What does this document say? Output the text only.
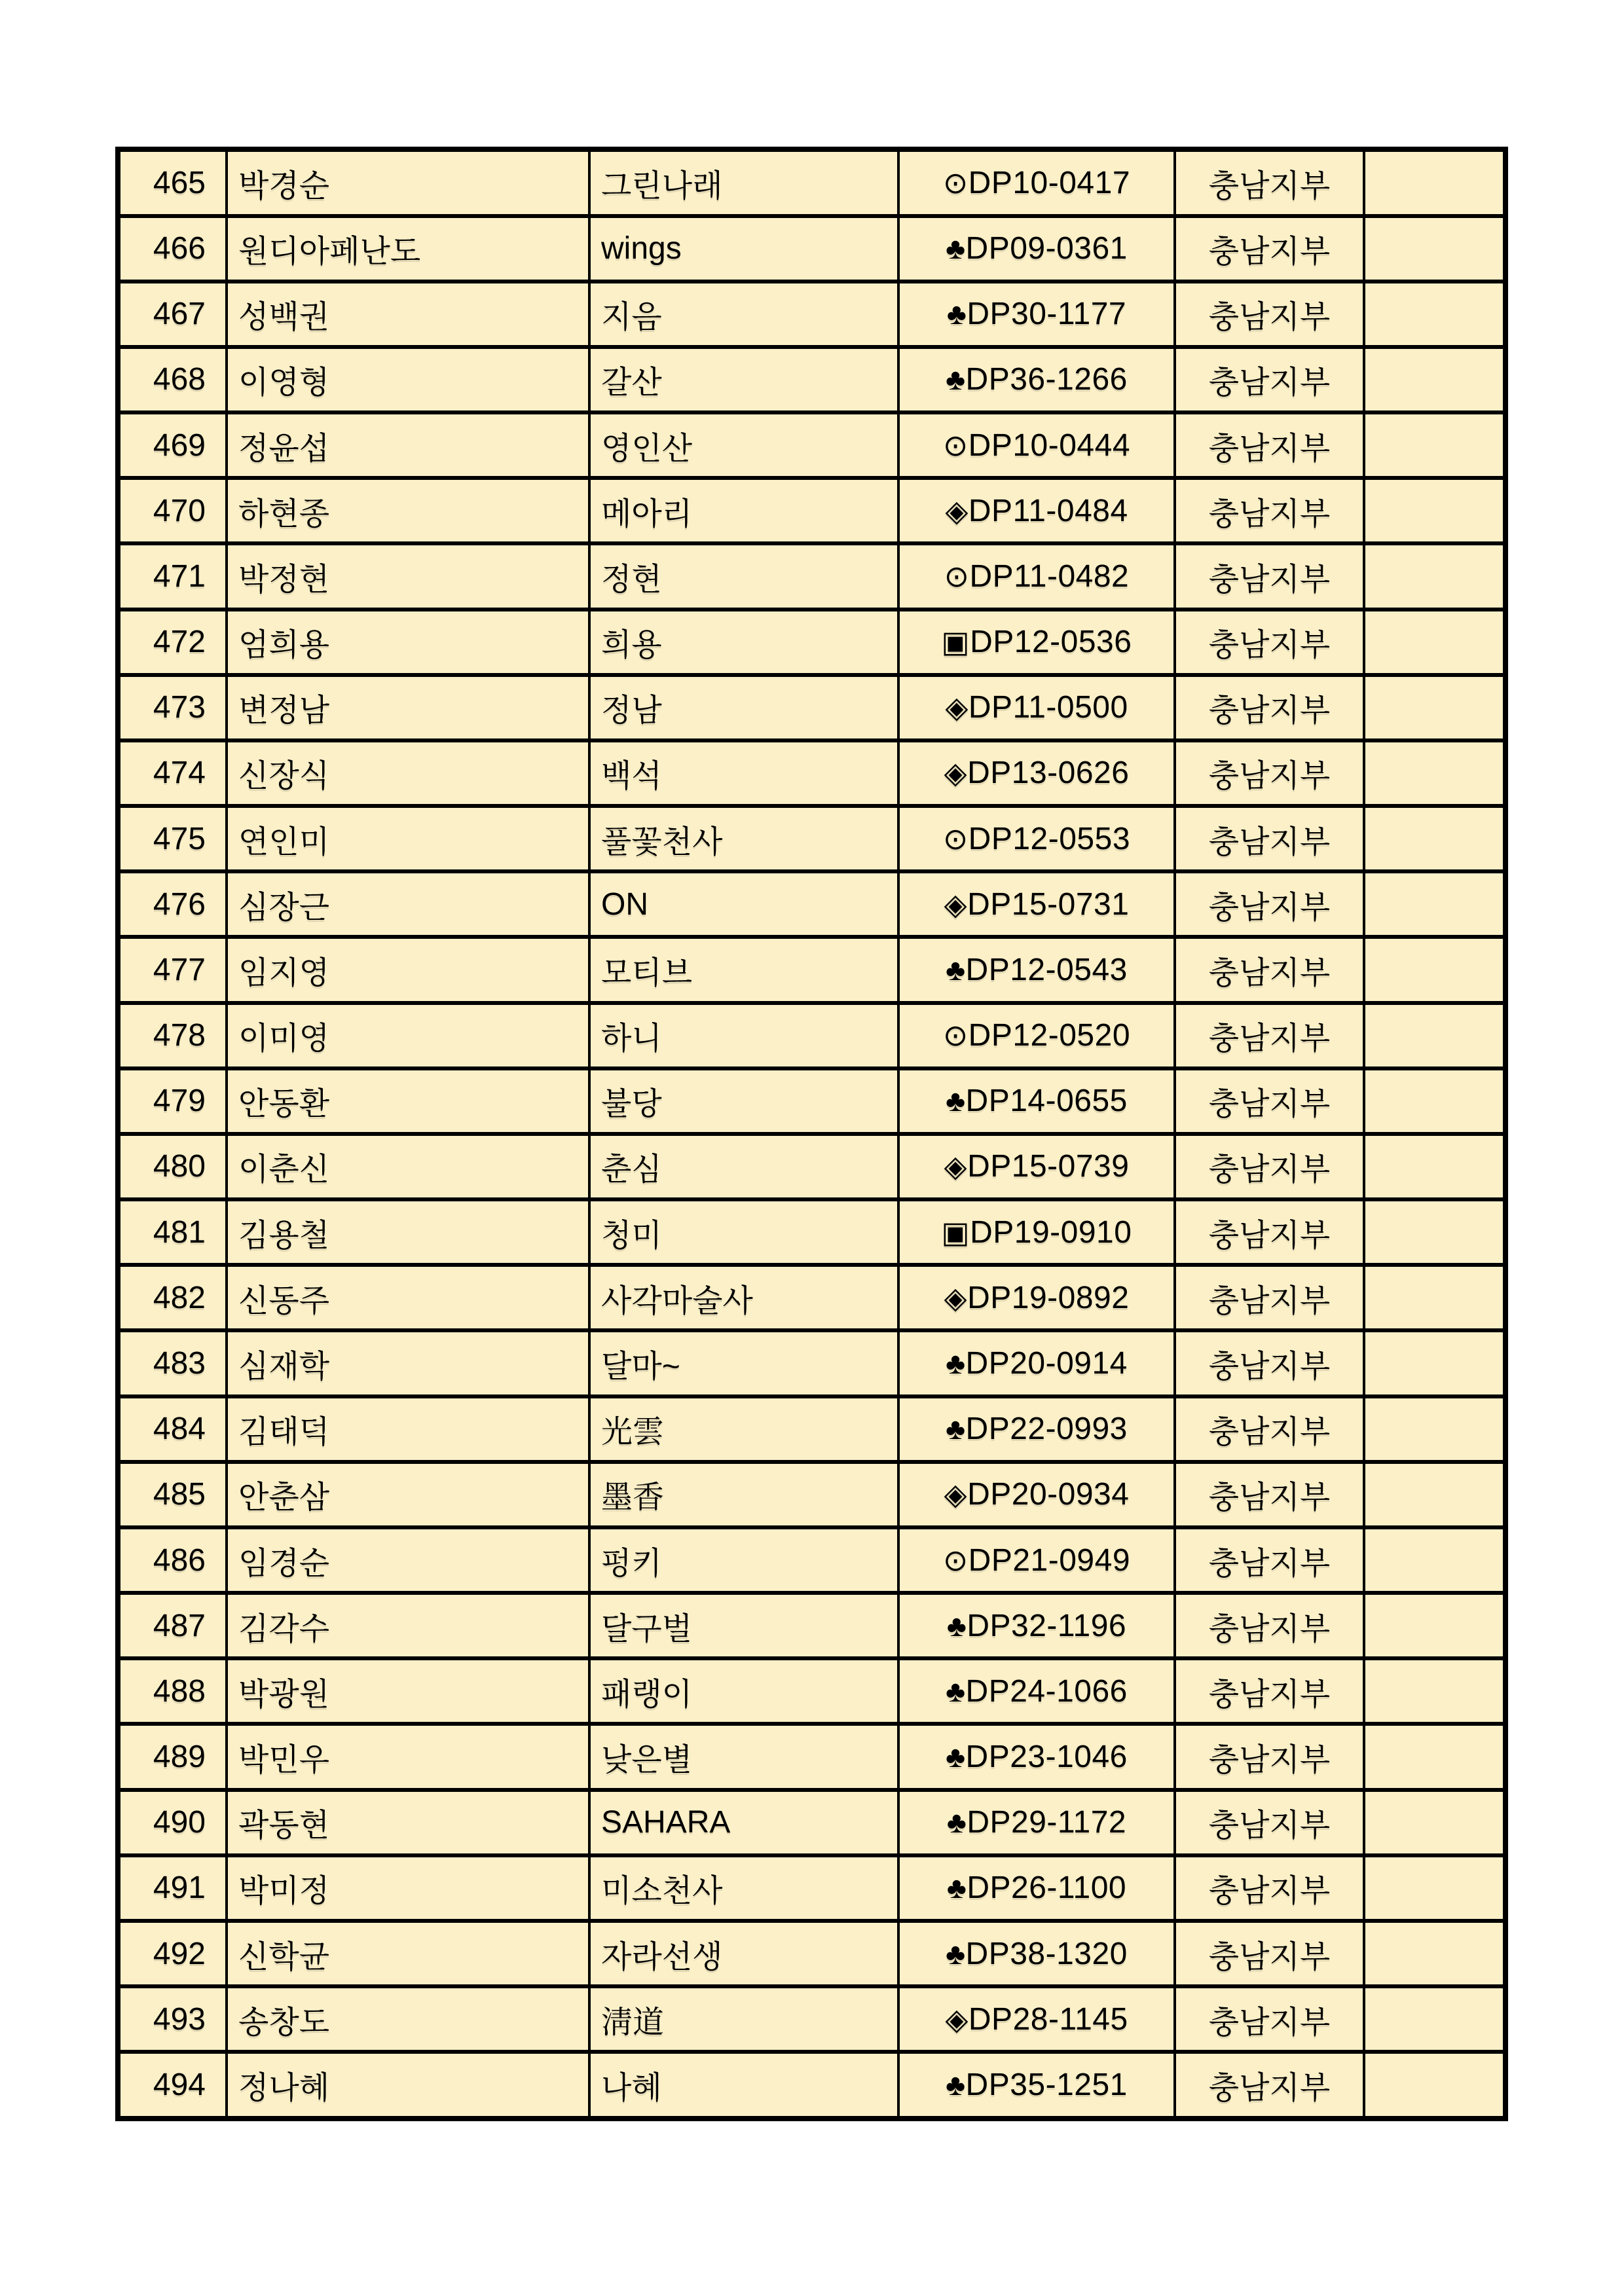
465	박경순	그린나래	⊙DP10-0417	충남지부	
466	원디아페난도	wings	♣DP09-0361	충남지부	
467	성백권	지음	♣DP30-1177	충남지부	
468	이영형	갈산	♣DP36-1266	충남지부	
469	정윤섭	영인산	⊙DP10-0444	충남지부	
470	하현종	메아리	◈DP11-0484	충남지부	
471	박정현	정현	⊙DP11-0482	충남지부	
472	엄희용	희용	▣DP12-0536	충남지부	
473	변정남	정남	◈DP11-0500	충남지부	
474	신장식	백석	◈DP13-0626	충남지부	
475	연인미	풀꽃천사	⊙DP12-0553	충남지부	
476	심장근	ON	◈DP15-0731	충남지부	
477	임지영	모티브	♣DP12-0543	충남지부	
478	이미영	하니	⊙DP12-0520	충남지부	
479	안동환	불당	♣DP14-0655	충남지부	
480	이춘신	춘심	◈DP15-0739	충남지부	
481	김용철	청미	▣DP19-0910	충남지부	
482	신동주	사각마술사	◈DP19-0892	충남지부	
483	심재학	달마~	♣DP20-0914	충남지부	
484	김태덕	光雲	♣DP22-0993	충남지부	
485	안춘삼	墨香	◈DP20-0934	충남지부	
486	임경순	펑키	⊙DP21-0949	충남지부	
487	김각수	달구벌	♣DP32-1196	충남지부	
488	박광원	패랭이	♣DP24-1066	충남지부	
489	박민우	낮은별	♣DP23-1046	충남지부	
490	곽동현	SAHARA	♣DP29-1172	충남지부	
491	박미정	미소천사	♣DP26-1100	충남지부	
492	신학균	자라선생	♣DP38-1320	충남지부	
493	송창도	淸道	◈DP28-1145	충남지부	
494	정나혜	나혜	♣DP35-1251	충남지부	
